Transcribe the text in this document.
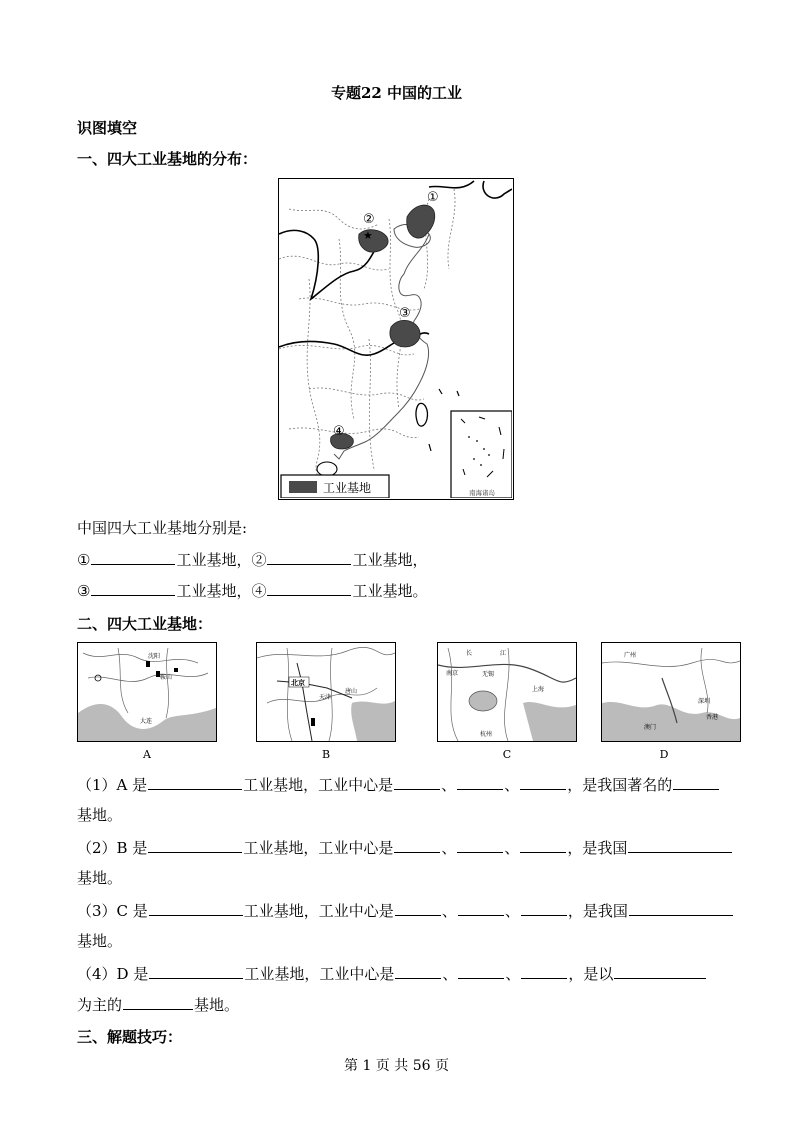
专题22 中国的工业
识图填空
一、四大工业基地的分布：
★
①
②
③
④
南海诸岛
工业基地
中国四大工业基地分别是:
①	工业基地，②	工业基地，
③	工业基地，④	工业基地。
二、四大工业基地：
沈阳
鞍山
大连
北京
天津
唐山
长	江
南京	无锡
上海
杭州
广州
深圳
香港
澳门
A	B	C	D
（1）A 是	工业基地，工业中心是	、	、	，是我国著名的
基地。
（2）B 是	工业基地，工业中心是	、	、	，是我国
基地。
（3）C 是	工业基地，工业中心是	、	、	，是我国
基地。
（4）D 是	工业基地，工业中心是	、	、	，是以
为主的	基地。
三、解题技巧：
第 1 页 共 56 页
